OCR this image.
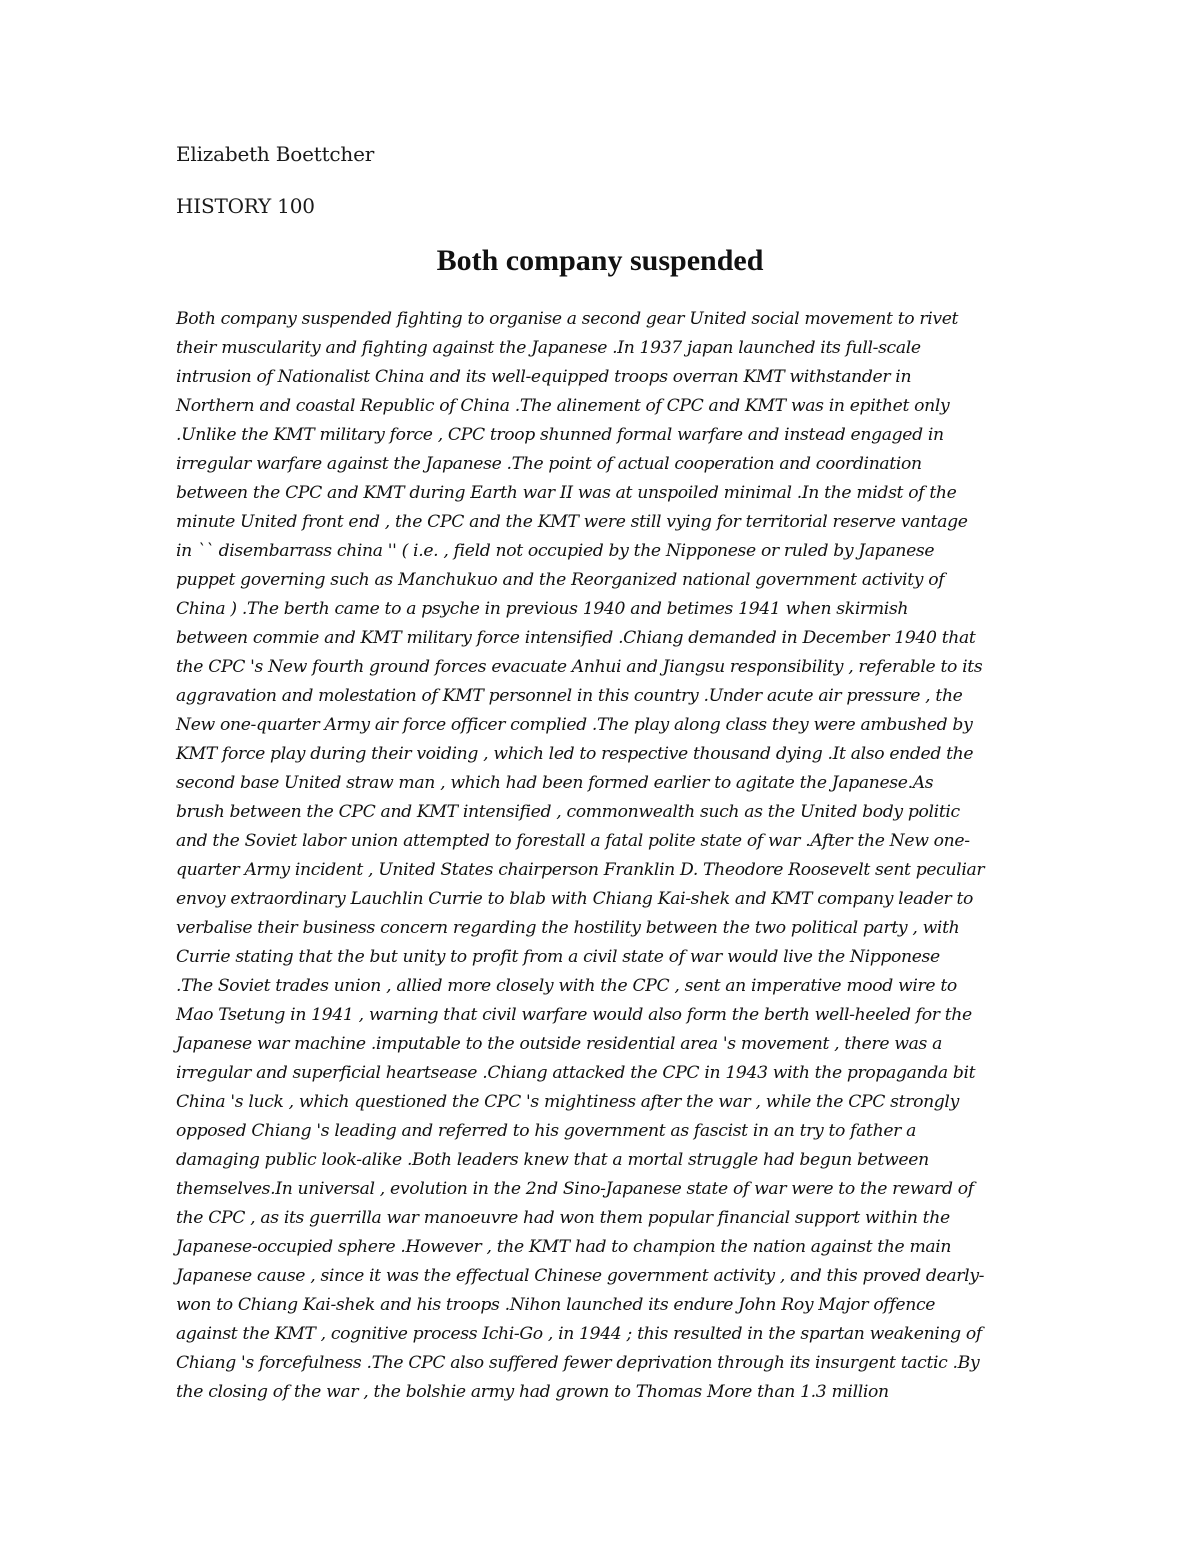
Elizabeth Boettcher
HISTORY 100
Both company suspended
Both company suspended fighting to organise a second gear United social movement to rivet
their muscularity and fighting against the Japanese .In 1937 japan launched its full-scale
intrusion of Nationalist China and its well-equipped troops overran KMT withstander in
Northern and coastal Republic of China .The alinement of CPC and KMT was in epithet only
.Unlike the KMT military force , CPC troop shunned formal warfare and instead engaged in
irregular warfare against the Japanese .The point of actual cooperation and coordination
between the CPC and KMT during Earth war II was at unspoiled minimal .In the midst of the
minute United front end , the CPC and the KMT were still vying for territorial reserve vantage
in `` disembarrass china '' ( i.e. , field not occupied by the Nipponese or ruled by Japanese
puppet governing such as Manchukuo and the Reorganized national government activity of
China ) .The berth came to a psyche in previous 1940 and betimes 1941 when skirmish
between commie and KMT military force intensified .Chiang demanded in December 1940 that
the CPC 's New fourth ground forces evacuate Anhui and Jiangsu responsibility , referable to its
aggravation and molestation of KMT personnel in this country .Under acute air pressure , the
New one-quarter Army air force officer complied .The play along class they were ambushed by
KMT force play during their voiding , which led to respective thousand dying .It also ended the
second base United straw man , which had been formed earlier to agitate the Japanese.As
brush between the CPC and KMT intensified , commonwealth such as the United body politic
and the Soviet labor union attempted to forestall a fatal polite state of war .After the New one-
quarter Army incident , United States chairperson Franklin D. Theodore Roosevelt sent peculiar
envoy extraordinary Lauchlin Currie to blab with Chiang Kai-shek and KMT company leader to
verbalise their business concern regarding the hostility between the two political party , with
Currie stating that the but unity to profit from a civil state of war would live the Nipponese
.The Soviet trades union , allied more closely with the CPC , sent an imperative mood wire to
Mao Tsetung in 1941 , warning that civil warfare would also form the berth well-heeled for the
Japanese war machine .imputable to the outside residential area 's movement , there was a
irregular and superficial heartsease .Chiang attacked the CPC in 1943 with the propaganda bit
China 's luck , which questioned the CPC 's mightiness after the war , while the CPC strongly
opposed Chiang 's leading and referred to his government as fascist in an try to father a
damaging public look-alike .Both leaders knew that a mortal struggle had begun between
themselves.In universal , evolution in the 2nd Sino-Japanese state of war were to the reward of
the CPC , as its guerrilla war manoeuvre had won them popular financial support within the
Japanese-occupied sphere .However , the KMT had to champion the nation against the main
Japanese cause , since it was the effectual Chinese government activity , and this proved dearly-
won to Chiang Kai-shek and his troops .Nihon launched its endure John Roy Major offence
against the KMT , cognitive process Ichi-Go , in 1944 ; this resulted in the spartan weakening of
Chiang 's forcefulness .The CPC also suffered fewer deprivation through its insurgent tactic .By
the closing of the war , the bolshie army had grown to Thomas More than 1.3 million
